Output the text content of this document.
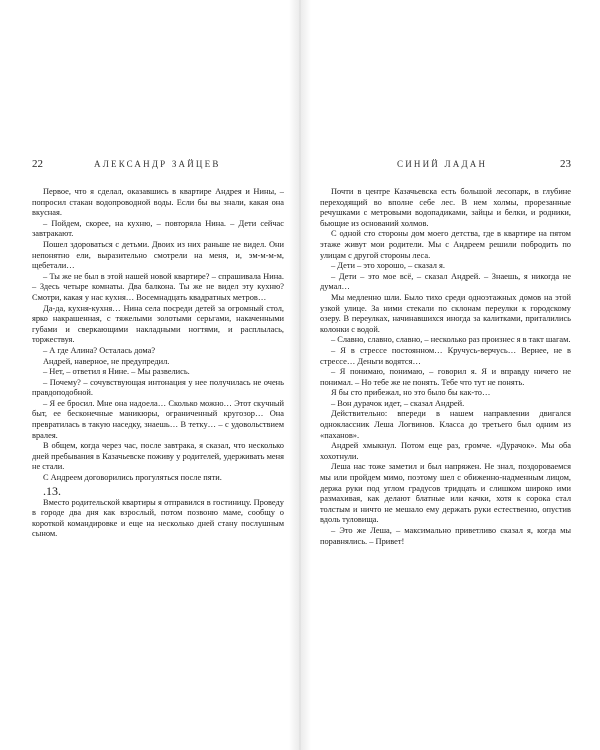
22	АЛЕКСАНДР ЗАЙЦЕВ

Первое, что я сделал, оказавшись в квартире Андрея и Нины, – попросил стакан водопроводной воды. Если бы вы знали, какая она вкусная.

– Пойдем, скорее, на кухню, – повторяла Нина. – Дети сейчас завтракают.

Пошел здороваться с детьми. Двоих из них раньше не видел. Они непонятно ели, выразительно смотрели на меня, и, эм-м-м-м, щебетали…

– Ты же не был в этой нашей новой квартире? – спрашивала Нина. – Здесь четыре комнаты. Два балкона. Ты же не видел эту кухню? Смотри, какая у нас кухня… Восемнадцать квадратных метров…

Да-да, кухня-кухня… Нина села посреди детей за огромный стол, ярко накрашенная, с тяжелыми золотыми серьгами, накаченными губами и сверкающими накладными ногтями, и расплылась, торжествуя.

– А где Алина? Осталась дома?

Андрей, наверное, не предупредил.

– Нет, – ответил я Нине. – Мы развелись.

– Почему? – сочувствующая интонация у нее получилась не очень правдоподобной.

– Я ее бросил. Мне она надоела… Сколько можно… Этот скучный быт, ее бесконечные маникюры, ограниченный кругозор… Она превратилась в такую наседку, знаешь… В тетку… – с удовольствием вралея.

В общем, когда через час, после завтрака, я сказал, что несколько дней пребывания в Казачьевске поживу у родителей, удерживать меня не стали.

С Андреем договорились прогуляться после пяти.

.13.

Вместо родительской квартиры я отправился в гостиницу. Проведу в городе два дня как взрослый, потом позвоню маме, сообщу о короткой командировке и еще на несколько дней стану послушным сыном.

СИНИЙ ЛАДАН	23

Почти в центре Казачьевска есть большой лесопарк, в глубине переходящий во вполне себе лес. В нем холмы, прорезанные речушками с метровыми водопадиками, зайцы и белки, и родники, бьющие из оснований холмов.

С одной сто стороны дом моего детства, где в квартире на пятом этаже живут мои родители. Мы с Андреем решили побродить по улицам с другой стороны леса.

– Дети – это хорошо, – сказал я.

– Дети – это мое всё, – сказал Андрей. – Знаешь, я никогда не думал…

Мы медленно шли. Было тихо среди одноэтажных домов на этой узкой улице. За ними стекали по склонам переулки к городскому озеру. В переулках, начинавшихся иногда за калитками, приталились колонки с водой.

– Славно, славно, славно, – несколько раз произнес я в такт шагам.

– Я в стрессе постоянном… Кручусь-верчусь… Вернее, не в стрессе… Деньги водятся…

– Я понимаю, понимаю, – говорил я. Я и вправду ничего не понимал. – Но тебе же не понять. Тебе что тут не понять.

Я бы сто прибежал, но это было бы как-то…

– Вон дурачок идет, – сказал Андрей.

Действительно: впереди в нашем направлении двигался одноклассник Леша Логвинов. Класса до третьего был одним из «паханов».

Андрей хмыкнул. Потом еще раз, громче. «Дурачок». Мы оба хохотнули.

Леша нас тоже заметил и был напряжен. Не знал, поздороваемся мы или пройдем мимо, поэтому шел с обиженно-надменным лицом, держа руки под углом градусов тридцать и слишком широко ими размахивая, как делают блатные или качки, хотя к сорока стал толстым и ничто не мешало ему держать руки естественно, опустив вдоль туловища.

– Это же Леша, – максимально приветливо сказал я, когда мы поравнялись. – Привет!
